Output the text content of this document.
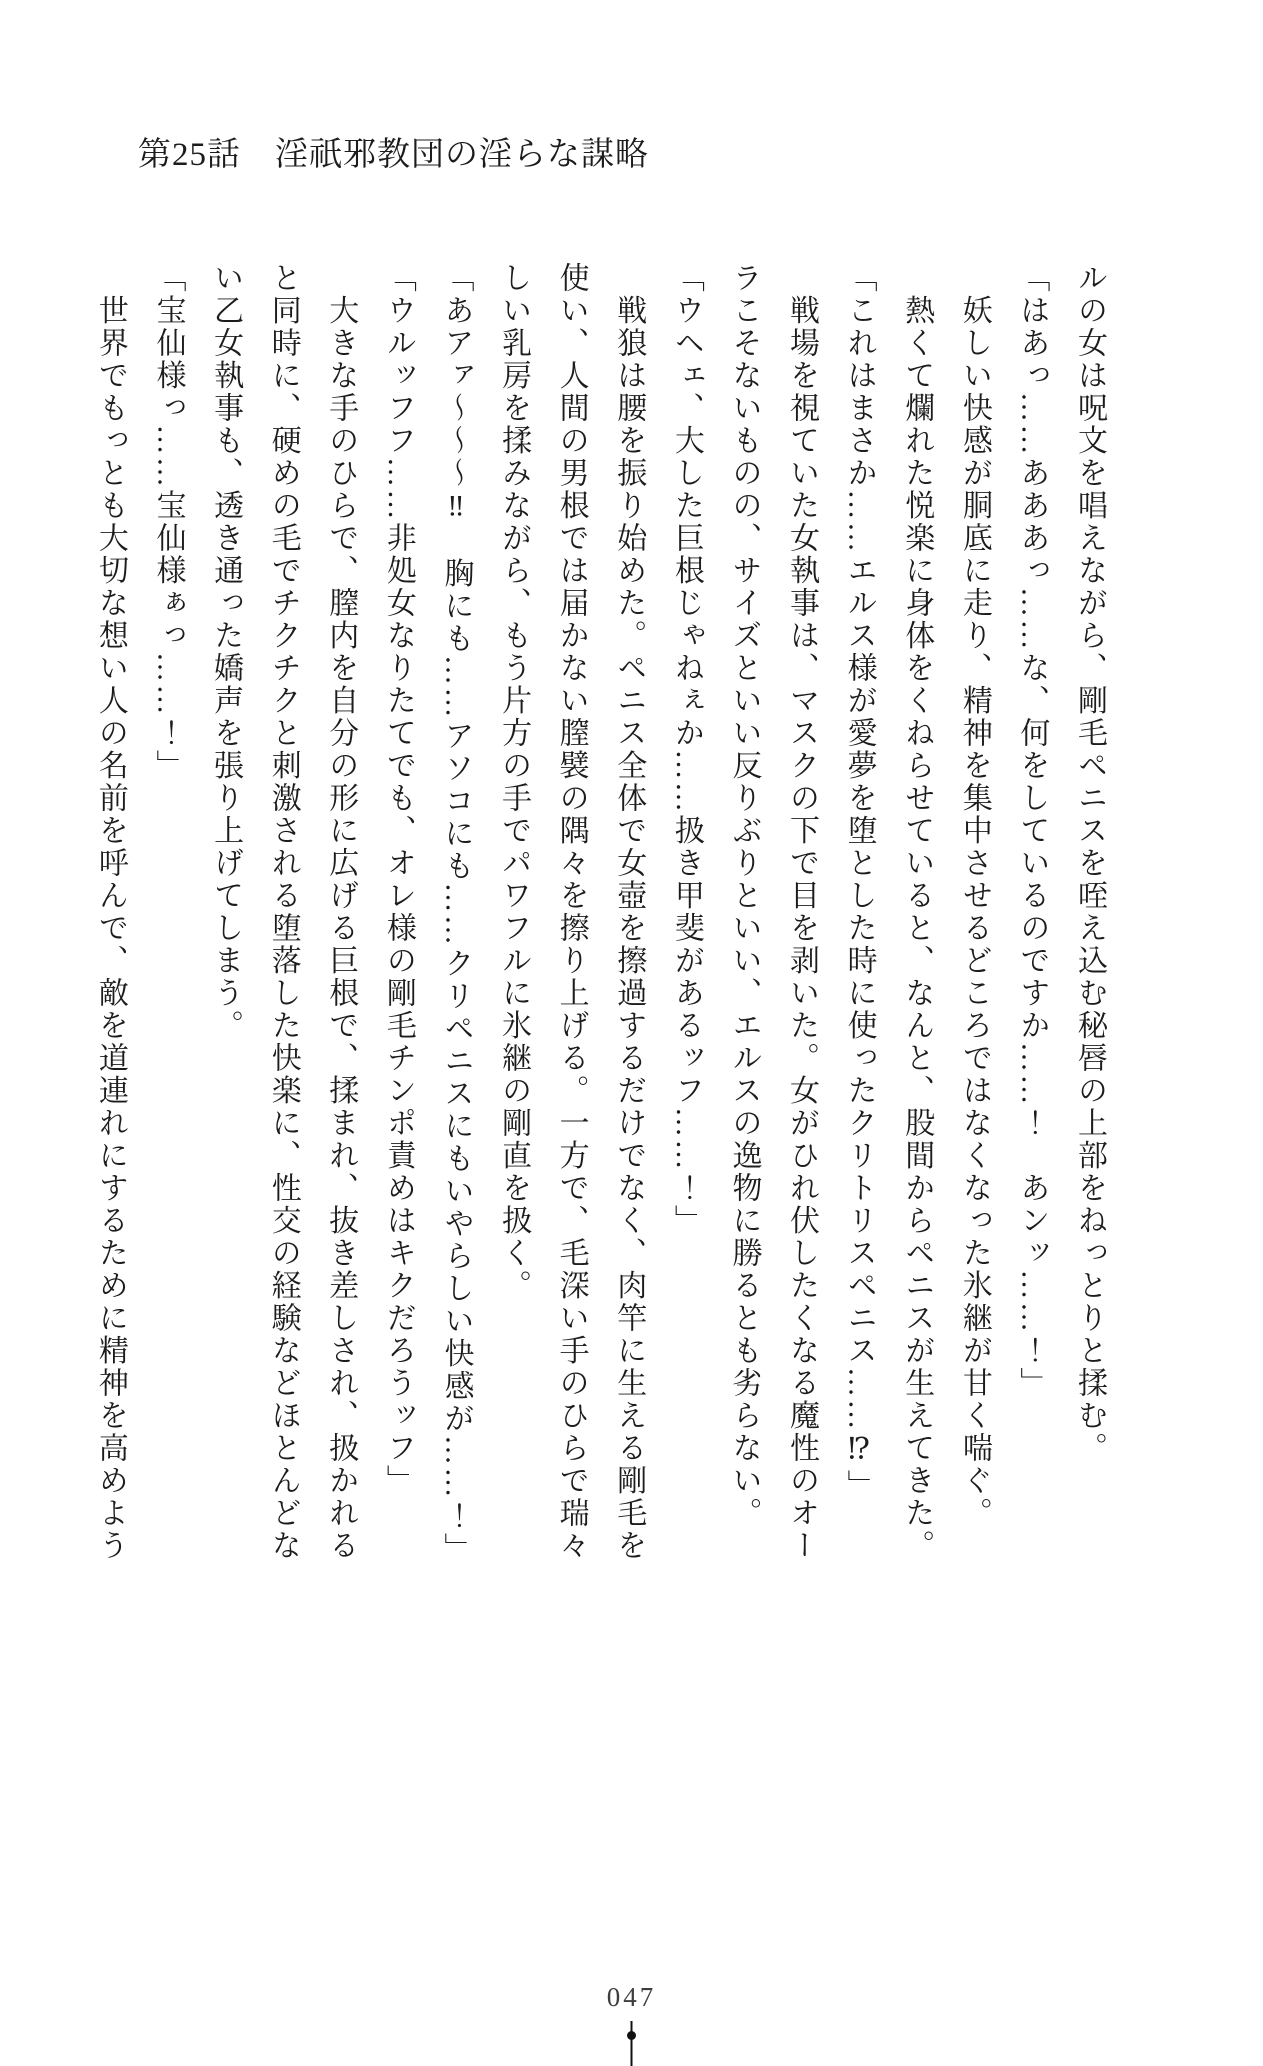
第25話　淫祇邪教団の淫らな謀略

ルの女は呪文を唱えながら、剛毛ペニスを咥え込む秘唇の上部をねっとりと揉む。

「はあっ……あああっ……な、何をしているのですか……！　あンッ……！」

　妖しい快感が胴底に走り、精神を集中させるどころではなくなった氷継が甘く喘ぐ。

　熱くて爛れた悦楽に身体をくねらせていると、なんと、股間からペニスが生えてきた。

「これはまさか……エルス様が愛夢を堕とした時に使ったクリトリスペニス……⁉」

　戦場を視ていた女執事は、マスクの下で目を剥いた。女がひれ伏したくなる魔性のオー

ラこそないものの、サイズといい反りぶりといい、エルスの逸物に勝るとも劣らない。

「ウヘェ、大した巨根じゃねぇか……扱き甲斐があるッフ……！」

　戦狼は腰を振り始めた。ペニス全体で女壺を擦過するだけでなく、肉竿に生える剛毛を

使い、人間の男根では届かない膣襞の隅々を擦り上げる。一方で、毛深い手のひらで瑞々

しい乳房を揉みながら、もう片方の手でパワフルに氷継の剛直を扱く。

「あアァ〜〜〜‼　胸にも……アソコにも……クリペニスにもいやらしい快感が……！」

「ウルッフフ……非処女なりたてでも、オレ様の剛毛チンポ責めはキクだろうッフ」

　大きな手のひらで、膣内を自分の形に広げる巨根で、揉まれ、抜き差しされ、扱かれる

と同時に、硬めの毛でチクチクと刺激される堕落した快楽に、性交の経験などほとんどな

い乙女執事も、透き通った嬌声を張り上げてしまう。

「宝仙様っ……宝仙様ぁっ……！」

　世界でもっとも大切な想い人の名前を呼んで、敵を道連れにするために精神を高めよう

047
